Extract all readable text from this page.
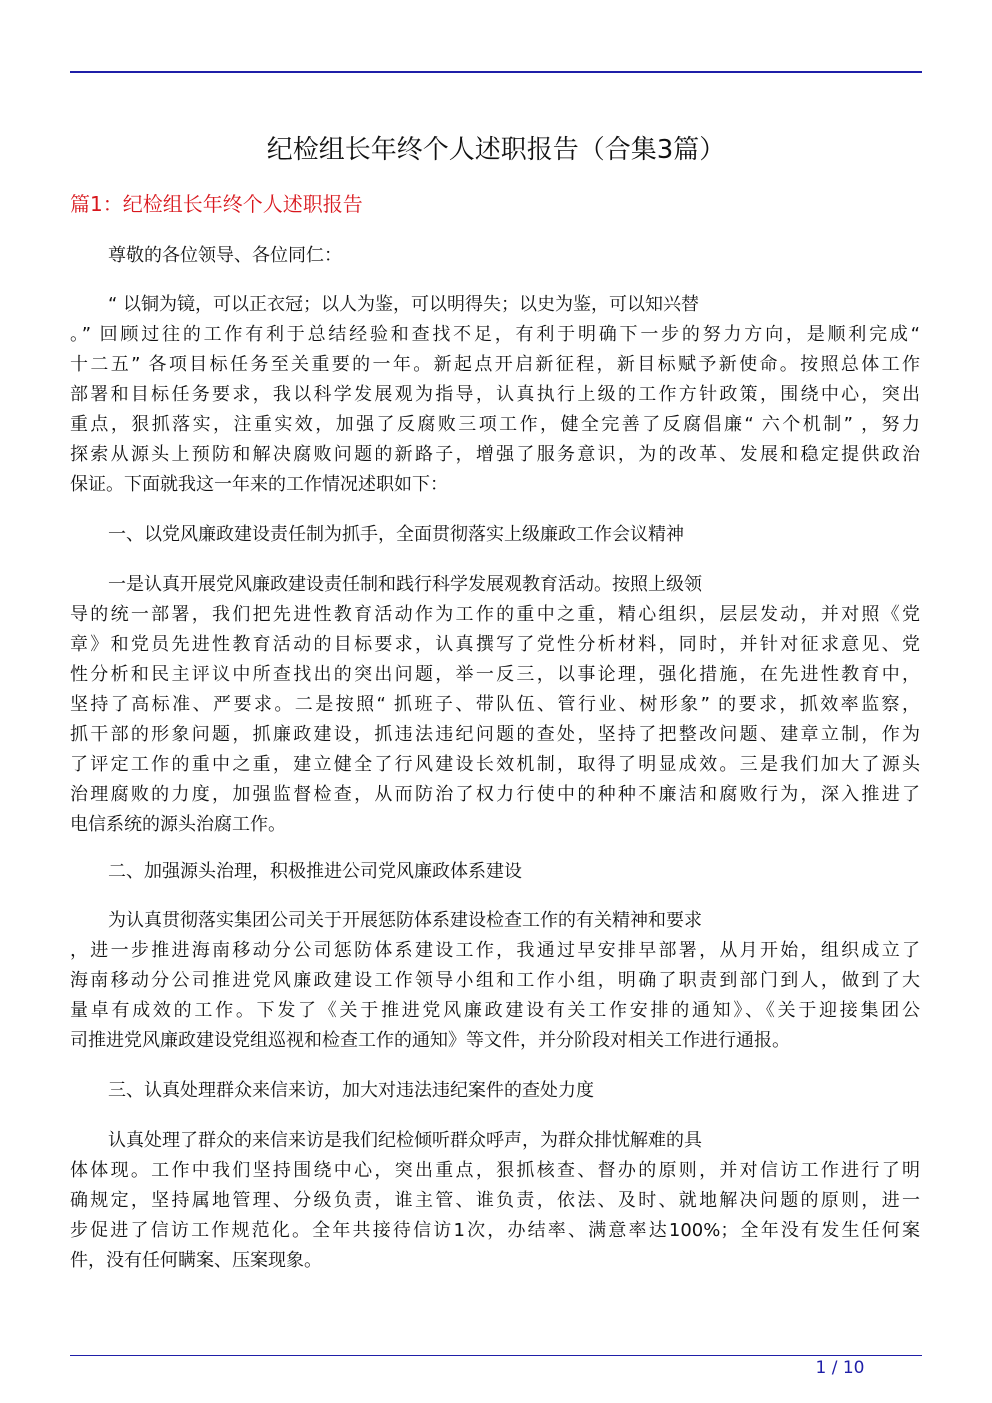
纪检组长年终个人述职报告（合集3篇）
篇1：纪检组长年终个人述职报告
尊敬的各位领导、各位同仁：
“ 以铜为镜，可以正衣冠；以人为鉴，可以明得失；以史为鉴，可以知兴替
。” 回顾过往的工作有利于总结经验和查找不足，有利于明确下一步的努力方向，是顺利完成“
十二五” 各项目标任务至关重要的一年。新起点开启新征程，新目标赋予新使命。按照总体工作
部署和目标任务要求，我以科学发展观为指导，认真执行上级的工作方针政策，围绕中心，突出
重点，狠抓落实，注重实效，加强了反腐败三项工作，健全完善了反腐倡廉“ 六个机制” ，努力
探索从源头上预防和解决腐败问题的新路子，增强了服务意识，为的改革、发展和稳定提供政治
保证。下面就我这一年来的工作情况述职如下：
一、以党风廉政建设责任制为抓手，全面贯彻落实上级廉政工作会议精神
一是认真开展党风廉政建设责任制和践行科学发展观教育活动。按照上级领
导的统一部署，我们把先进性教育活动作为工作的重中之重，精心组织，层层发动，并对照《党
章》和党员先进性教育活动的目标要求，认真撰写了党性分析材料，同时，并针对征求意见、党
性分析和民主评议中所查找出的突出问题，举一反三，以事论理，强化措施，在先进性教育中，
坚持了高标准、严要求。二是按照“ 抓班子、带队伍、管行业、树形象” 的要求，抓效率监察，
抓干部的形象问题，抓廉政建设，抓违法违纪问题的查处，坚持了把整改问题、建章立制，作为
了评定工作的重中之重，建立健全了行风建设长效机制，取得了明显成效。三是我们加大了源头
治理腐败的力度，加强监督检查，从而防治了权力行使中的种种不廉洁和腐败行为，深入推进了
电信系统的源头治腐工作。
二、加强源头治理，积极推进公司党风廉政体系建设
为认真贯彻落实集团公司关于开展惩防体系建设检查工作的有关精神和要求
，进一步推进海南移动分公司惩防体系建设工作，我通过早安排早部署，从月开始，组织成立了
海南移动分公司推进党风廉政建设工作领导小组和工作小组，明确了职责到部门到人，做到了大
量卓有成效的工作。下发了《关于推进党风廉政建设有关工作安排的通知》、《关于迎接集团公
司推进党风廉政建设党组巡视和检查工作的通知》等文件，并分阶段对相关工作进行通报。
三、认真处理群众来信来访，加大对违法违纪案件的查处力度
认真处理了群众的来信来访是我们纪检倾听群众呼声，为群众排忧解难的具
体体现。工作中我们坚持围绕中心，突出重点，狠抓核查、督办的原则，并对信访工作进行了明
确规定，坚持属地管理、分级负责，谁主管、谁负责，依法、及时、就地解决问题的原则，进一
步促进了信访工作规范化。全年共接待信访1次，办结率、满意率达100%；全年没有发生任何案
件，没有任何瞒案、压案现象。
1 / 10
